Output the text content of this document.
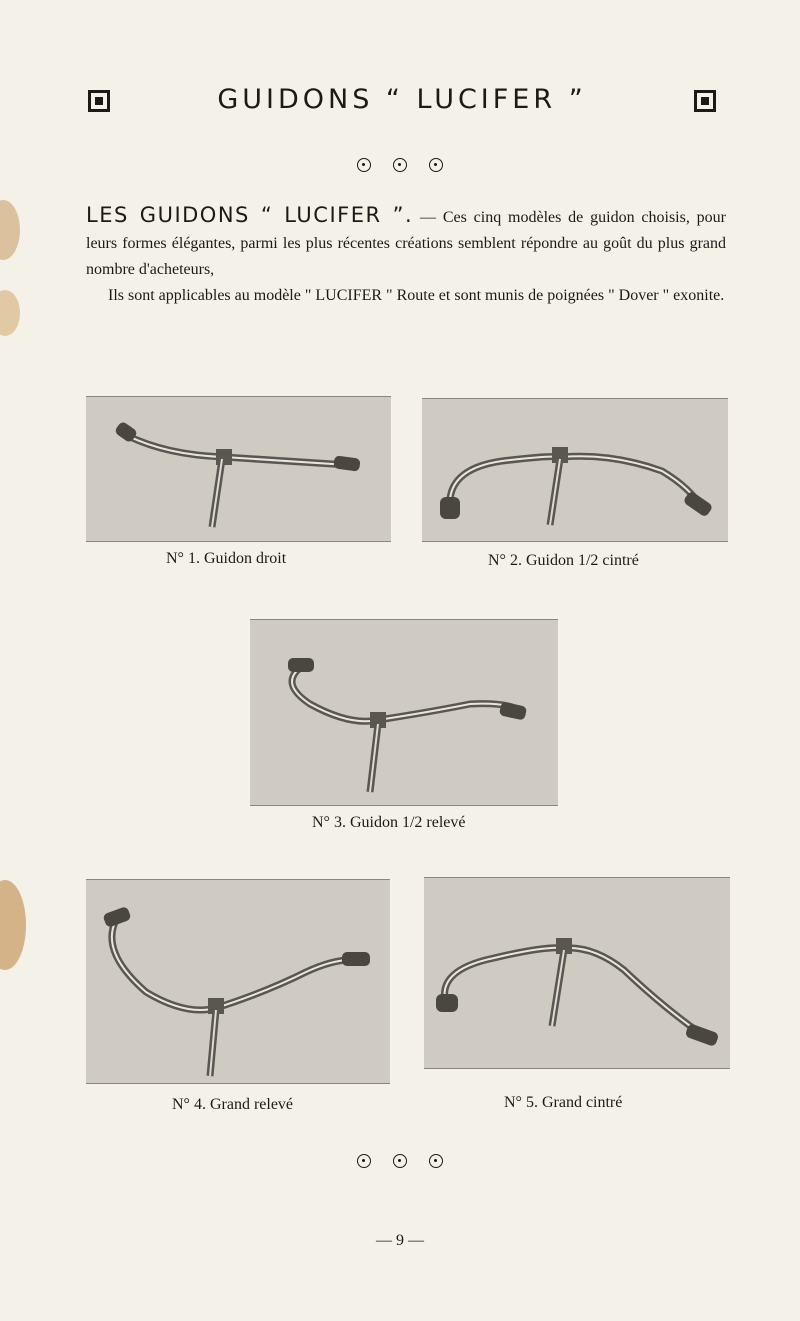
GUIDONS “ LUCIFER ”

LES GUIDONS “ LUCIFER ”. — Ces cinq modèles de guidon choisis, pour leurs formes élégantes, parmi les plus récentes créations semblent répondre au goût du plus grand nombre d'acheteurs,

Ils sont applicables au modèle " LUCIFER " Route et sont munis de poignées " Dover " exonite.

N° 1. Guidon droit	N° 2. Guidon 1/2 cintré
N° 3. Guidon 1/2 relevé
N° 4. Grand relevé	N° 5. Grand cintré

— 9 —
